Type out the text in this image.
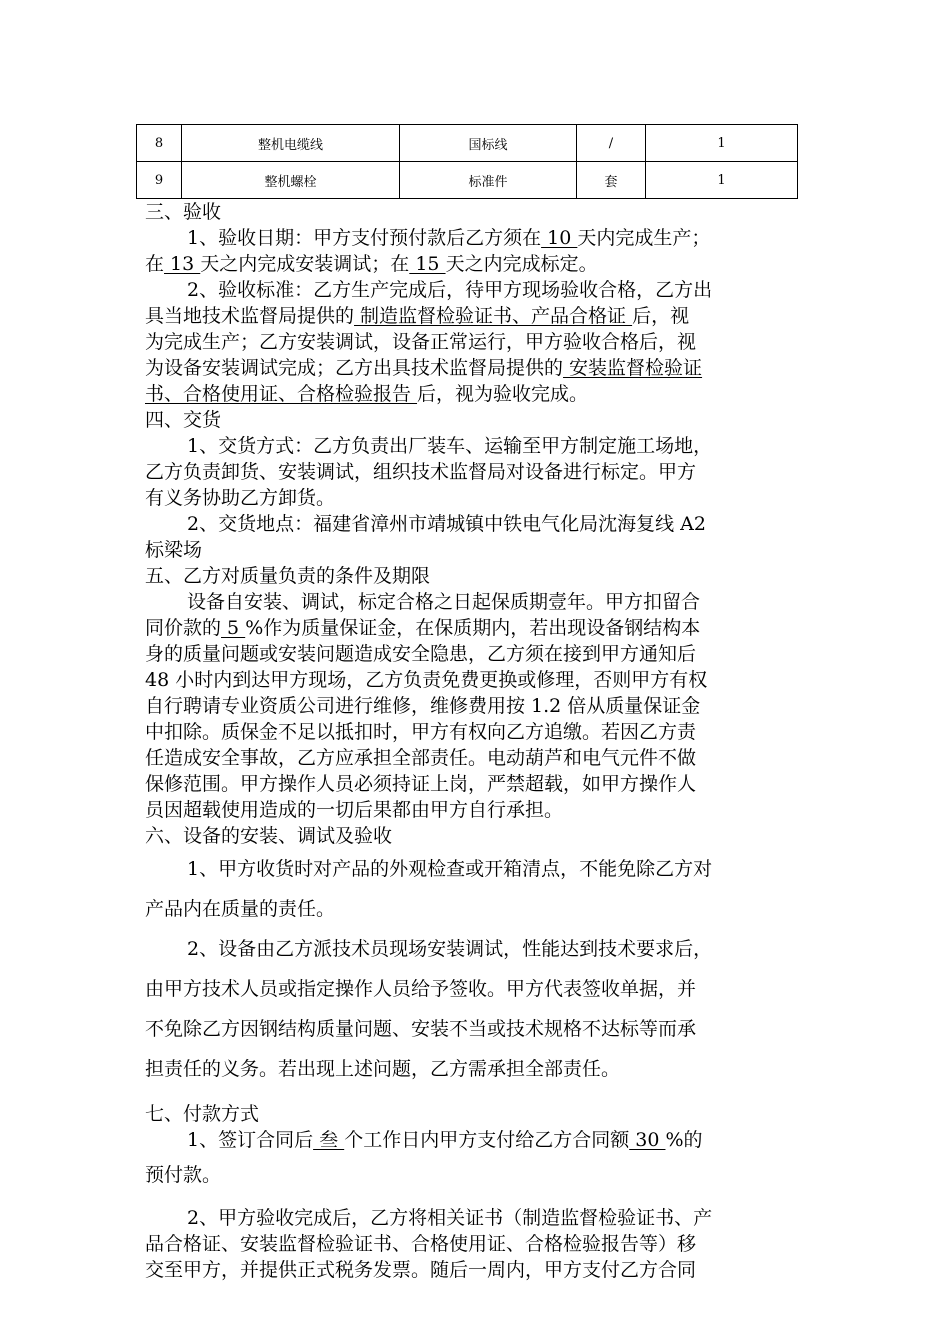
8	整机电缆线	国标线	/	1
9	整机螺栓	标准件	套	1

三、验收

1、验收日期：甲方支付预付款后乙方须在 10 天内完成生产；

在 13 天之内完成安装调试；在 15 天之内完成标定。

2、验收标准：乙方生产完成后，待甲方现场验收合格，乙方出

具当地技术监督局提供的 制造监督检验证书、产品合格证 后，视

为完成生产；乙方安装调试，设备正常运行，甲方验收合格后，视

为设备安装调试完成；乙方出具技术监督局提供的 安装监督检验证

书、合格使用证、合格检验报告 后，视为验收完成。

四、交货

1、交货方式：乙方负责出厂装车、运输至甲方制定施工场地，

乙方负责卸货、安装调试，组织技术监督局对设备进行标定。甲方

有义务协助乙方卸货。

2、交货地点：福建省漳州市靖城镇中铁电气化局沈海复线 A2

标梁场

五、乙方对质量负责的条件及期限

设备自安装、调试，标定合格之日起保质期壹年。甲方扣留合

同价款的 5 %作为质量保证金，在保质期内，若出现设备钢结构本

身的质量问题或安装问题造成安全隐患，乙方须在接到甲方通知后

48 小时内到达甲方现场，乙方负责免费更换或修理，否则甲方有权

自行聘请专业资质公司进行维修，维修费用按 1.2 倍从质量保证金

中扣除。质保金不足以抵扣时，甲方有权向乙方追缴。若因乙方责

任造成安全事故，乙方应承担全部责任。电动葫芦和电气元件不做

保修范围。甲方操作人员必须持证上岗，严禁超载，如甲方操作人

员因超载使用造成的一切后果都由甲方自行承担。

六、设备的安装、调试及验收

1、甲方收货时对产品的外观检查或开箱清点，不能免除乙方对

产品内在质量的责任。

2、设备由乙方派技术员现场安装调试，性能达到技术要求后，

由甲方技术人员或指定操作人员给予签收。甲方代表签收单据，并

不免除乙方因钢结构质量问题、安装不当或技术规格不达标等而承

担责任的义务。若出现上述问题，乙方需承担全部责任。

七、付款方式

1、签订合同后 叁 个工作日内甲方支付给乙方合同额 30 %的

预付款。

2、甲方验收完成后，乙方将相关证书（制造监督检验证书、产

品合格证、安装监督检验证书、合格使用证、合格检验报告等）移

交至甲方，并提供正式税务发票。随后一周内，甲方支付乙方合同
